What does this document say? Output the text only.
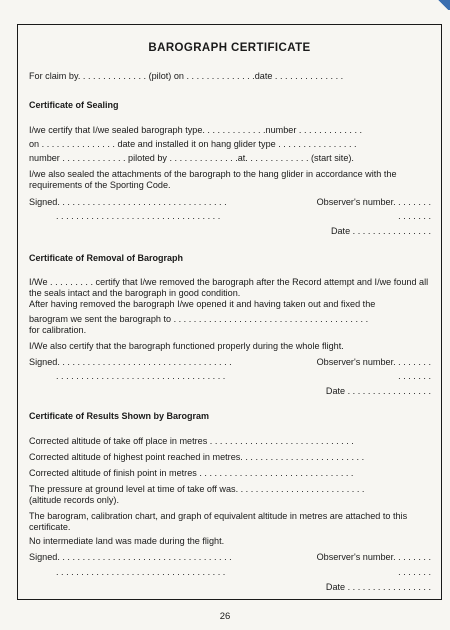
BAROGRAPH CERTIFICATE
For claim by. . . . . . . . . . . . . . (pilot) on . . . . . . . . . . . . . .date . . . . . . . . . . . . . .
Certificate of Sealing
I/we certify that I/we sealed barograph type. . . . . . . . . . . . .number . . . . . . . . . . . . .
on . . . . . . . . . . . . . . . date and installed it on hang glider type . . . . . . . . . . . . . . . .
number . . . . . . . . . . . . . piloted by . . . . . . . . . . . . . .at. . . . . . . . . . . . . (start site).
I/we also sealed the attachments of the barograph to the hang glider in accordance with the requirements of the Sporting Code.
Signed. . . . . . . . . . . . . . . . . . . . . . . . . . . . . . . . . .	Observer's number. . . . . . . .
. . . . . . . . . . . . . . . . . . . . . . . . . . . . . . . . .	. . . . . . .
Date . . . . . . . . . . . . . . . .
Certificate of Removal of Barograph
I/We . . . . . . . . . certify that I/we removed the barograph after the Record attempt and I/we found all the seals intact and the barograph in good condition.
After having removed the barograph I/we opened it and having taken out and fixed the
barogram we sent the barograph to . . . . . . . . . . . . . . . . . . . . . . . . . . . . . . . . . . . . . . .
for calibration.
I/We also certify that the barograph functioned properly during the whole flight.
Signed. . . . . . . . . . . . . . . . . . . . . . . . . . . . . . . . . . .	Observer's number. . . . . . . .
. . . . . . . . . . . . . . . . . . . . . . . . . . . . . . . . . .	. . . . . . .
Date . . . . . . . . . . . . . . . . .
Certificate of Results Shown by Barogram
Corrected altitude of take off place in metres . . . . . . . . . . . . . . . . . . . . . . . . . . . . .
Corrected altitude of highest point reached in metres. . . . . . . . . . . . . . . . . . . . . . . . .
Corrected altitude of finish point in metres . . . . . . . . . . . . . . . . . . . . . . . . . . . . . . .
The pressure at ground level at time of take off was. . . . . . . . . . . . . . . . . . . . . . . . . .
(altitude records only).
The barogram, calibration chart, and graph of equivalent altitude in metres are attached to this certificate.
No intermediate land was made during the flight.
Signed. . . . . . . . . . . . . . . . . . . . . . . . . . . . . . . . . . .	Observer's number. . . . . . . .
. . . . . . . . . . . . . . . . . . . . . . . . . . . . . . . . . .	. . . . . . .
Date . . . . . . . . . . . . . . . . .
26
